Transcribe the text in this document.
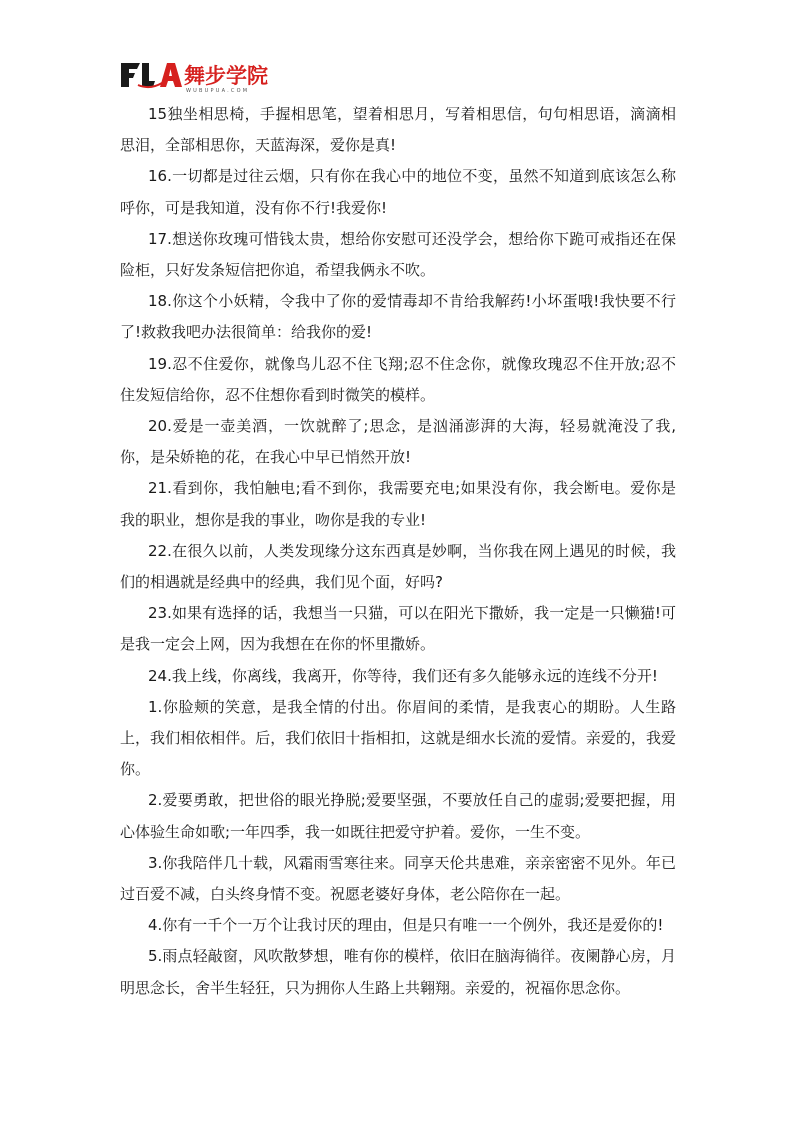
舞步学院
WUBUPUA.COM

15独坐相思椅，手握相思笔，望着相思月，写着相思信，句句相思语，滴滴相思泪，全部相思你，天蓝海深，爱你是真!

16.一切都是过往云烟，只有你在我心中的地位不变，虽然不知道到底该怎么称呼你，可是我知道，没有你不行!我爱你!

17.想送你玫瑰可惜钱太贵，想给你安慰可还没学会，想给你下跪可戒指还在保险柜，只好发条短信把你追，希望我俩永不吹。

18.你这个小妖精，令我中了你的爱情毒却不肯给我解药!小坏蛋哦!我快要不行了!救救我吧办法很简单：给我你的爱!

19.忍不住爱你，就像鸟儿忍不住飞翔;忍不住念你，就像玫瑰忍不住开放;忍不住发短信给你，忍不住想你看到时微笑的模样。

20.爱是一壶美酒，一饮就醉了;思念，是汹涌澎湃的大海，轻易就淹没了我,你，是朵娇艳的花，在我心中早已悄然开放!

21.看到你，我怕触电;看不到你，我需要充电;如果没有你，我会断电。爱你是我的职业，想你是我的事业，吻你是我的专业!

22.在很久以前，人类发现缘分这东西真是妙啊，当你我在网上遇见的时候，我们的相遇就是经典中的经典，我们见个面，好吗?

23.如果有选择的话，我想当一只猫，可以在阳光下撒娇，我一定是一只懒猫!可是我一定会上网，因为我想在在你的怀里撒娇。

24.我上线，你离线，我离开，你等待，我们还有多久能够永远的连线不分开!

1.你脸颊的笑意，是我全情的付出。你眉间的柔情，是我衷心的期盼。人生路上，我们相依相伴。后，我们依旧十指相扣，这就是细水长流的爱情。亲爱的，我爱你。

2.爱要勇敢，把世俗的眼光挣脱;爱要坚强，不要放任自己的虚弱;爱要把握，用心体验生命如歌;一年四季，我一如既往把爱守护着。爱你，一生不变。

3.你我陪伴几十载，风霜雨雪寒往来。同享天伦共患难，亲亲密密不见外。年已过百爱不减，白头终身情不变。祝愿老婆好身体，老公陪你在一起。

4.你有一千个一万个让我讨厌的理由，但是只有唯一一个例外，我还是爱你的!

5.雨点轻敲窗，风吹散梦想，唯有你的模样，依旧在脑海徜徉。夜阑静心房，月明思念长，舍半生轻狂，只为拥你人生路上共翱翔。亲爱的，祝福你思念你。
